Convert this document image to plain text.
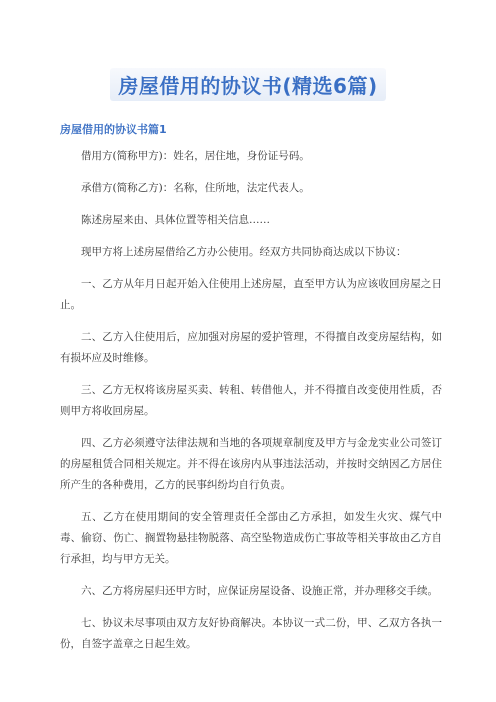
房屋借用的协议书(精选6篇)
房屋借用的协议书篇1

借用方(简称甲方)：姓名，居住地，身份证号码。

承借方(简称乙方)：名称，住所地，法定代表人。

陈述房屋来由、具体位置等相关信息……

现甲方将上述房屋借给乙方办公使用。经双方共同协商达成以下协议：

一、乙方从年月日起开始入住使用上述房屋，直至甲方认为应该收回房屋之日止。

二、乙方入住使用后，应加强对房屋的爱护管理，不得擅自改变房屋结构，如有损坏应及时维修。

三、乙方无权将该房屋买卖、转租、转借他人，并不得擅自改变使用性质，否则甲方将收回房屋。

四、乙方必须遵守法律法规和当地的各项规章制度及甲方与金龙实业公司签订的房屋租赁合同相关规定。并不得在该房内从事违法活动，并按时交纳因乙方居住所产生的各种费用，乙方的民事纠纷均自行负责。

五、乙方在使用期间的安全管理责任全部由乙方承担，如发生火灾、煤气中毒、偷窃、伤亡、搁置物悬挂物脱落、高空坠物造成伤亡事故等相关事故由乙方自行承担，均与甲方无关。

六、乙方将房屋归还甲方时，应保证房屋设备、设施正常，并办理移交手续。

七、协议未尽事项由双方友好协商解决。本协议一式二份，甲、乙双方各执一份，自签字盖章之日起生效。
